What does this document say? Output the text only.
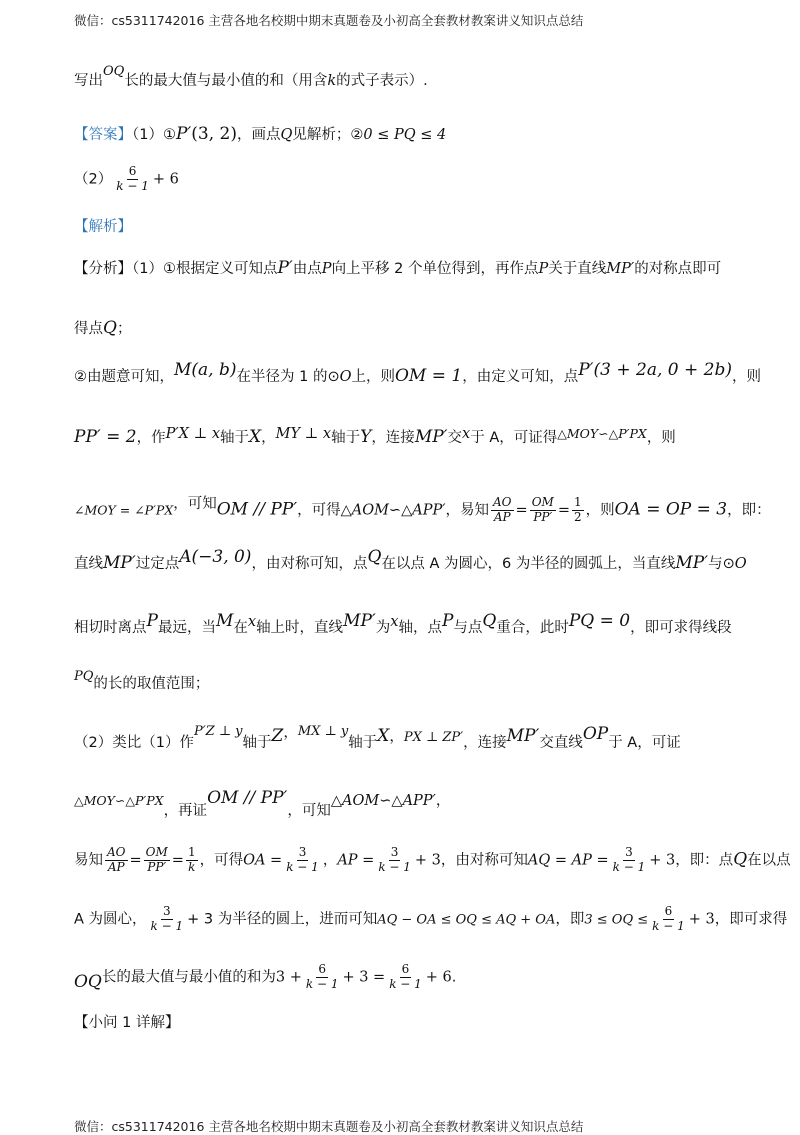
微信：cs5311742016 主营各地名校期中期末真题卷及小初高全套教材教案讲义知识点总结
写出OQ长的最大值与最小值的和（用含k的式子表示）.
【答案】（1）①P′(3, 2)，画点Q见解析；②0 ≤ PQ ≤ 4
$(2) \frac{6}{k - 1} + 6$
【解析】
【分析】（1）①根据定义可知点P′由点P向上平移 2 个单位得到，再作点P关于直线MP′的对称点即可
得点Q；
②由题意可知，M(a, b)在半径为 1 的⊙O上，则OM = 1，由定义可知，点P′(3 + 2a, 0 + 2b)，则
PP′ = 2，作P′X ⊥ x轴于X，MY ⊥ x轴于Y，连接MP′交x于 A，可证得△MOY∽△P′PX，则
∠MOY = ∠P′PX，可知OM // PP′，可得△AOM∽△APP′，易知 $\frac{AO}{AP} = \frac{OM}{PP'} = \frac{1}{2}$ ，则OA = OP = 3，即：
直线MP′过定点A(−3, 0)，由对称可知，点Q在以点 A 为圆心，6 为半径的圆弧上，当直线MP′与⊙O
相切时离点P最远，当M在x轴上时，直线MP′为x轴，点P与点Q重合，此时PQ = 0，即可求得线段
PQ的长的取值范围；
（2）类比（1）作P′Z ⊥ y轴于Z，MX ⊥ y轴于X，PX ⊥ ZP′，连接MP′交直线OP于 A，可证
△MOY∽△P′PX，再证OM // PP′，可知△AOM∽△APP′，
易知 $\frac{AO}{AP} = \frac{OM}{PP'} = \frac{1}{k}$ ，可得OA = $\frac{3}{k - 1}$ ，AP = $\frac{3}{k - 1} + 3$，由对称可知AQ = AP = $\frac{3}{k - 1} + 3$，即：点Q在以点
A 为圆心， $\frac{3}{k - 1} + 3$ 为半径的圆上，进而可知AQ − OA ≤ OQ ≤ AQ + OA，即3 ≤ OQ ≤ $\frac{6}{k - 1} + 3$，即可求得
OQ长的最大值与最小值的和为$3 + \frac{6}{k - 1} + 3 = \frac{6}{k - 1} + 6$.
【小问 1 详解】
微信：cs5311742016 主营各地名校期中期末真题卷及小初高全套教材教案讲义知识点总结
